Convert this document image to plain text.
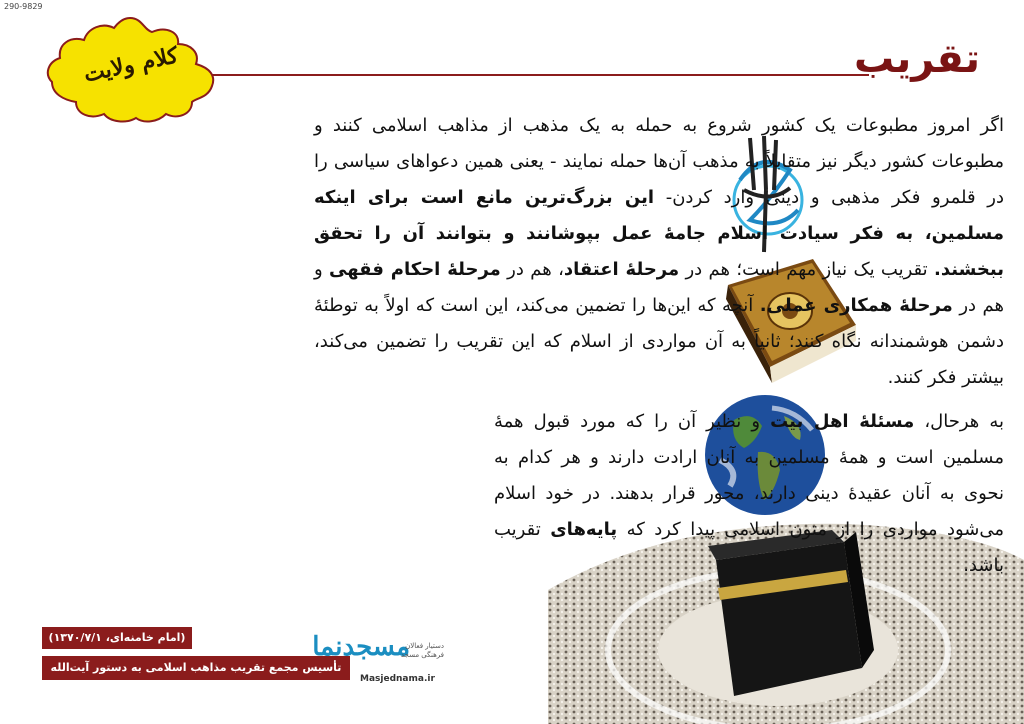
290-9829
تقریب
کلام ولایت

اگر امروز مطبوعات یک کشور شروع به حمله به یک مذهب از مذاهب اسلامی کنند و مطبوعات کشور دیگر نیز متقابلاً به مذهب آن‌ها حمله نمایند - یعنی همین دعواهای سیاسی را در قلمرو فکر مذهبی و دینی وارد کردن- این بزرگ‌ترین مانع است برای اینکه مسلمین، به فکر سیادت اسلام جامهٔ عمل بپوشانند و بتوانند آن را تحقق ببخشند. تقریب یک نیاز مهم است؛ هم در مرحلهٔ اعتقاد، هم در مرحلهٔ احکام فقهی و هم در مرحلهٔ همکاری عملی. آنچه که این‌ها را تضمین می‌کند، این است که اولاً به توطئهٔ دشمن هوشمندانه نگاه کنند؛ ثانیاً به آن مواردی از اسلام که این تقریب را تضمین می‌کند، بیشتر فکر کنند.

به هرحال، مسئلهٔ اهل بیت و نظیر آن را که مورد قبول همهٔ مسلمین است و همهٔ مسلمین به آنان ارادت دارند و هر کدام به نحوی به آنان عقیدهٔ دینی دارند، محور قرار بدهند. در خود اسلام می‌شود مواردی را از متون اسلامی پیدا کرد که پایه‌های تقریب باشد.

(امام خامنه‌ای، ۱۳۷۰/۷/۱)
تأسیس مجمع تقریب مذاهب اسلامی به دستور آیت‌الله خامنه‌ای
مسجدنما
دستیار فعالان فرهنگی مسجد
Masjednama.ir
